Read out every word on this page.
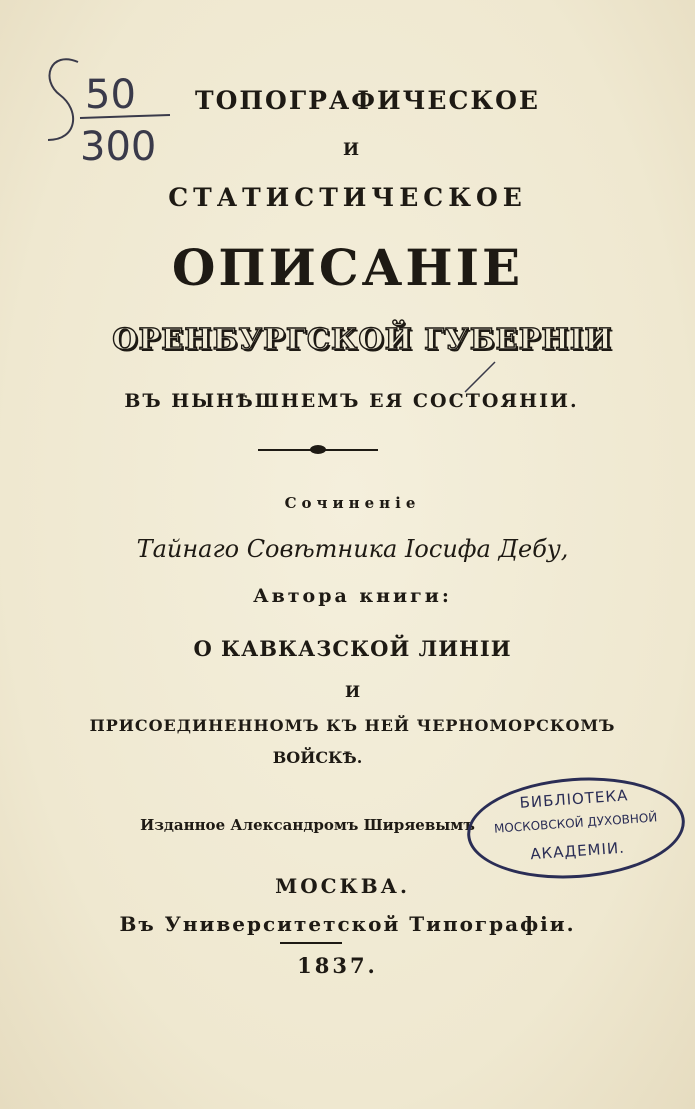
50
300
ТОПОГРАФИЧЕСКОЕ
И
СТАТИСТИЧЕСКОЕ
ОПИСАНІЕ
ОРЕНБУРГСКОЙ ГУБЕРНІИ
ВЪ НЫНѢШНЕМЪ ЕЯ СОСТОЯНІИ.
Сочиненіе
Тайнаго Совѣтника Іосифа Дебу,
Автора книги:
О КАВКАЗСКОЙ ЛИНІИ
И
ПРИСОЕДИНЕННОМЪ КЪ НЕЙ ЧЕРНОМОРСКОМЪ
ВОЙСКѢ.
Изданное Александромъ Ширяевымъ
БИБЛІОТЕКА
МОСКОВСКОЙ ДУХОВНОЙ
АКАДЕМІИ.
МОСКВА.
Въ Университетской Типографіи.
1837.
